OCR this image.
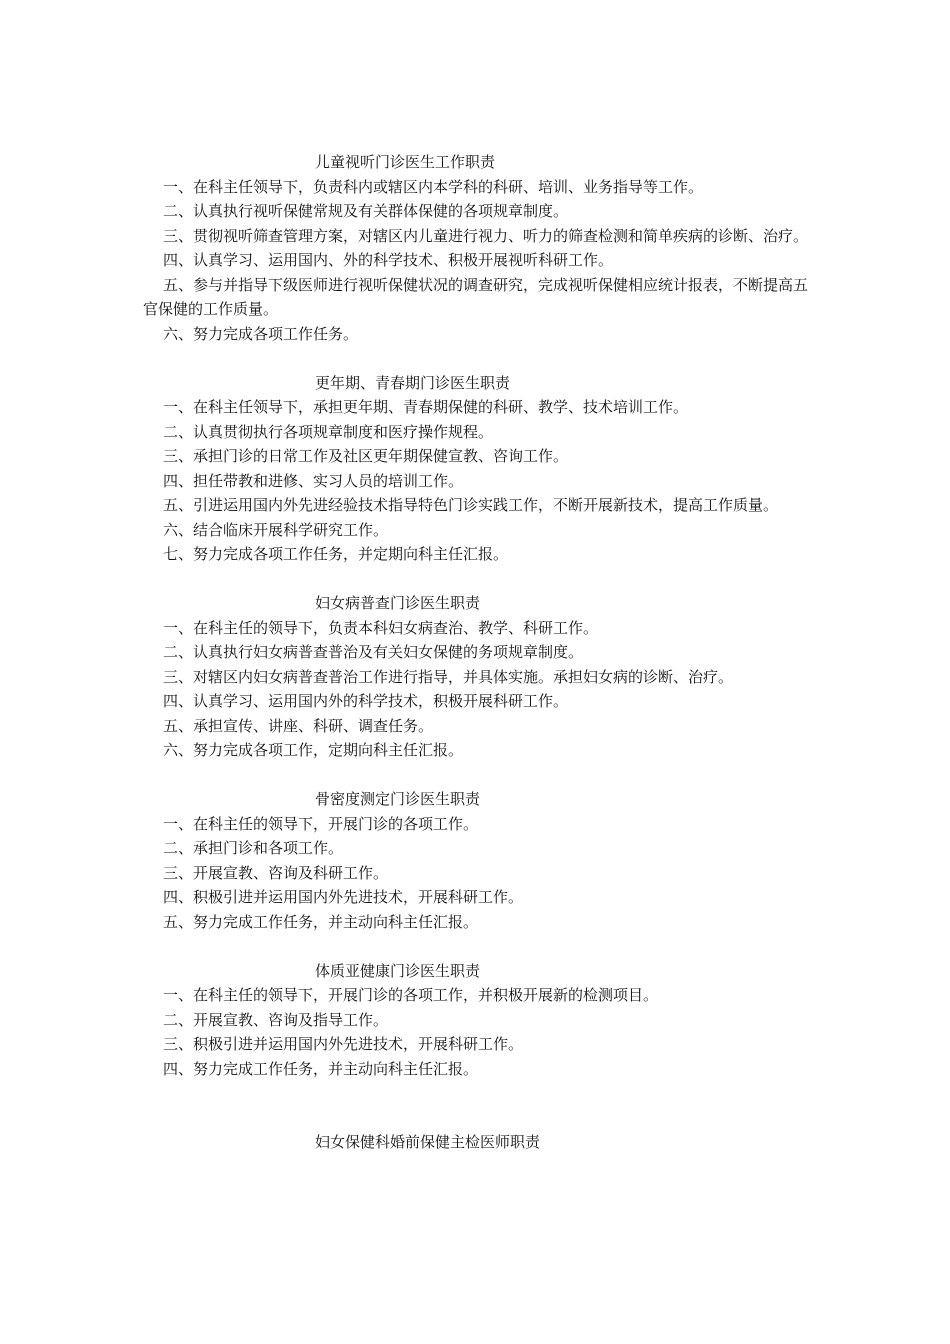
儿童视听门诊医生工作职责

一、在科主任领导下，负责科内或辖区内本学科的科研、培训、业务指导等工作。

二、认真执行视听保健常规及有关群体保健的各项规章制度。

三、贯彻视听筛查管理方案，对辖区内儿童进行视力、听力的筛查检测和简单疾病的诊断、治疗。

四、认真学习、运用国内、外的科学技术、积极开展视听科研工作。

五、参与并指导下级医师进行视听保健状况的调查研究，完成视听保健相应统计报表，不断提高五官保健的工作质量。

六、努力完成各项工作任务。

更年期、青春期门诊医生职责

一、在科主任领导下，承担更年期、青春期保健的科研、教学、技术培训工作。

二、认真贯彻执行各项规章制度和医疗操作规程。

三、承担门诊的日常工作及社区更年期保健宣教、咨询工作。

四、担任带教和进修、实习人员的培训工作。

五、引进运用国内外先进经验技术指导特色门诊实践工作，不断开展新技术，提高工作质量。

六、结合临床开展科学研究工作。

七、努力完成各项工作任务，并定期向科主任汇报。

妇女病普查门诊医生职责

一、在科主任的领导下，负责本科妇女病查治、教学、科研工作。

二、认真执行妇女病普查普治及有关妇女保健的务项规章制度。

三、对辖区内妇女病普查普治工作进行指导，并具体实施。承担妇女病的诊断、治疗。

四、认真学习、运用国内外的科学技术，积极开展科研工作。

五、承担宣传、讲座、科研、调查任务。

六、努力完成各项工作，定期向科主任汇报。

骨密度测定门诊医生职责

一、在科主任的领导下，开展门诊的各项工作。

二、承担门诊和各项工作。

三、开展宣教、咨询及科研工作。

四、积极引进并运用国内外先进技术，开展科研工作。

五、努力完成工作任务，并主动向科主任汇报。

体质亚健康门诊医生职责

一、在科主任的领导下，开展门诊的各项工作，并积极开展新的检测项目。

二、开展宣教、咨询及指导工作。

三、积极引进并运用国内外先进技术，开展科研工作。

四、努力完成工作任务，并主动向科主任汇报。

妇女保健科婚前保健主检医师职责
